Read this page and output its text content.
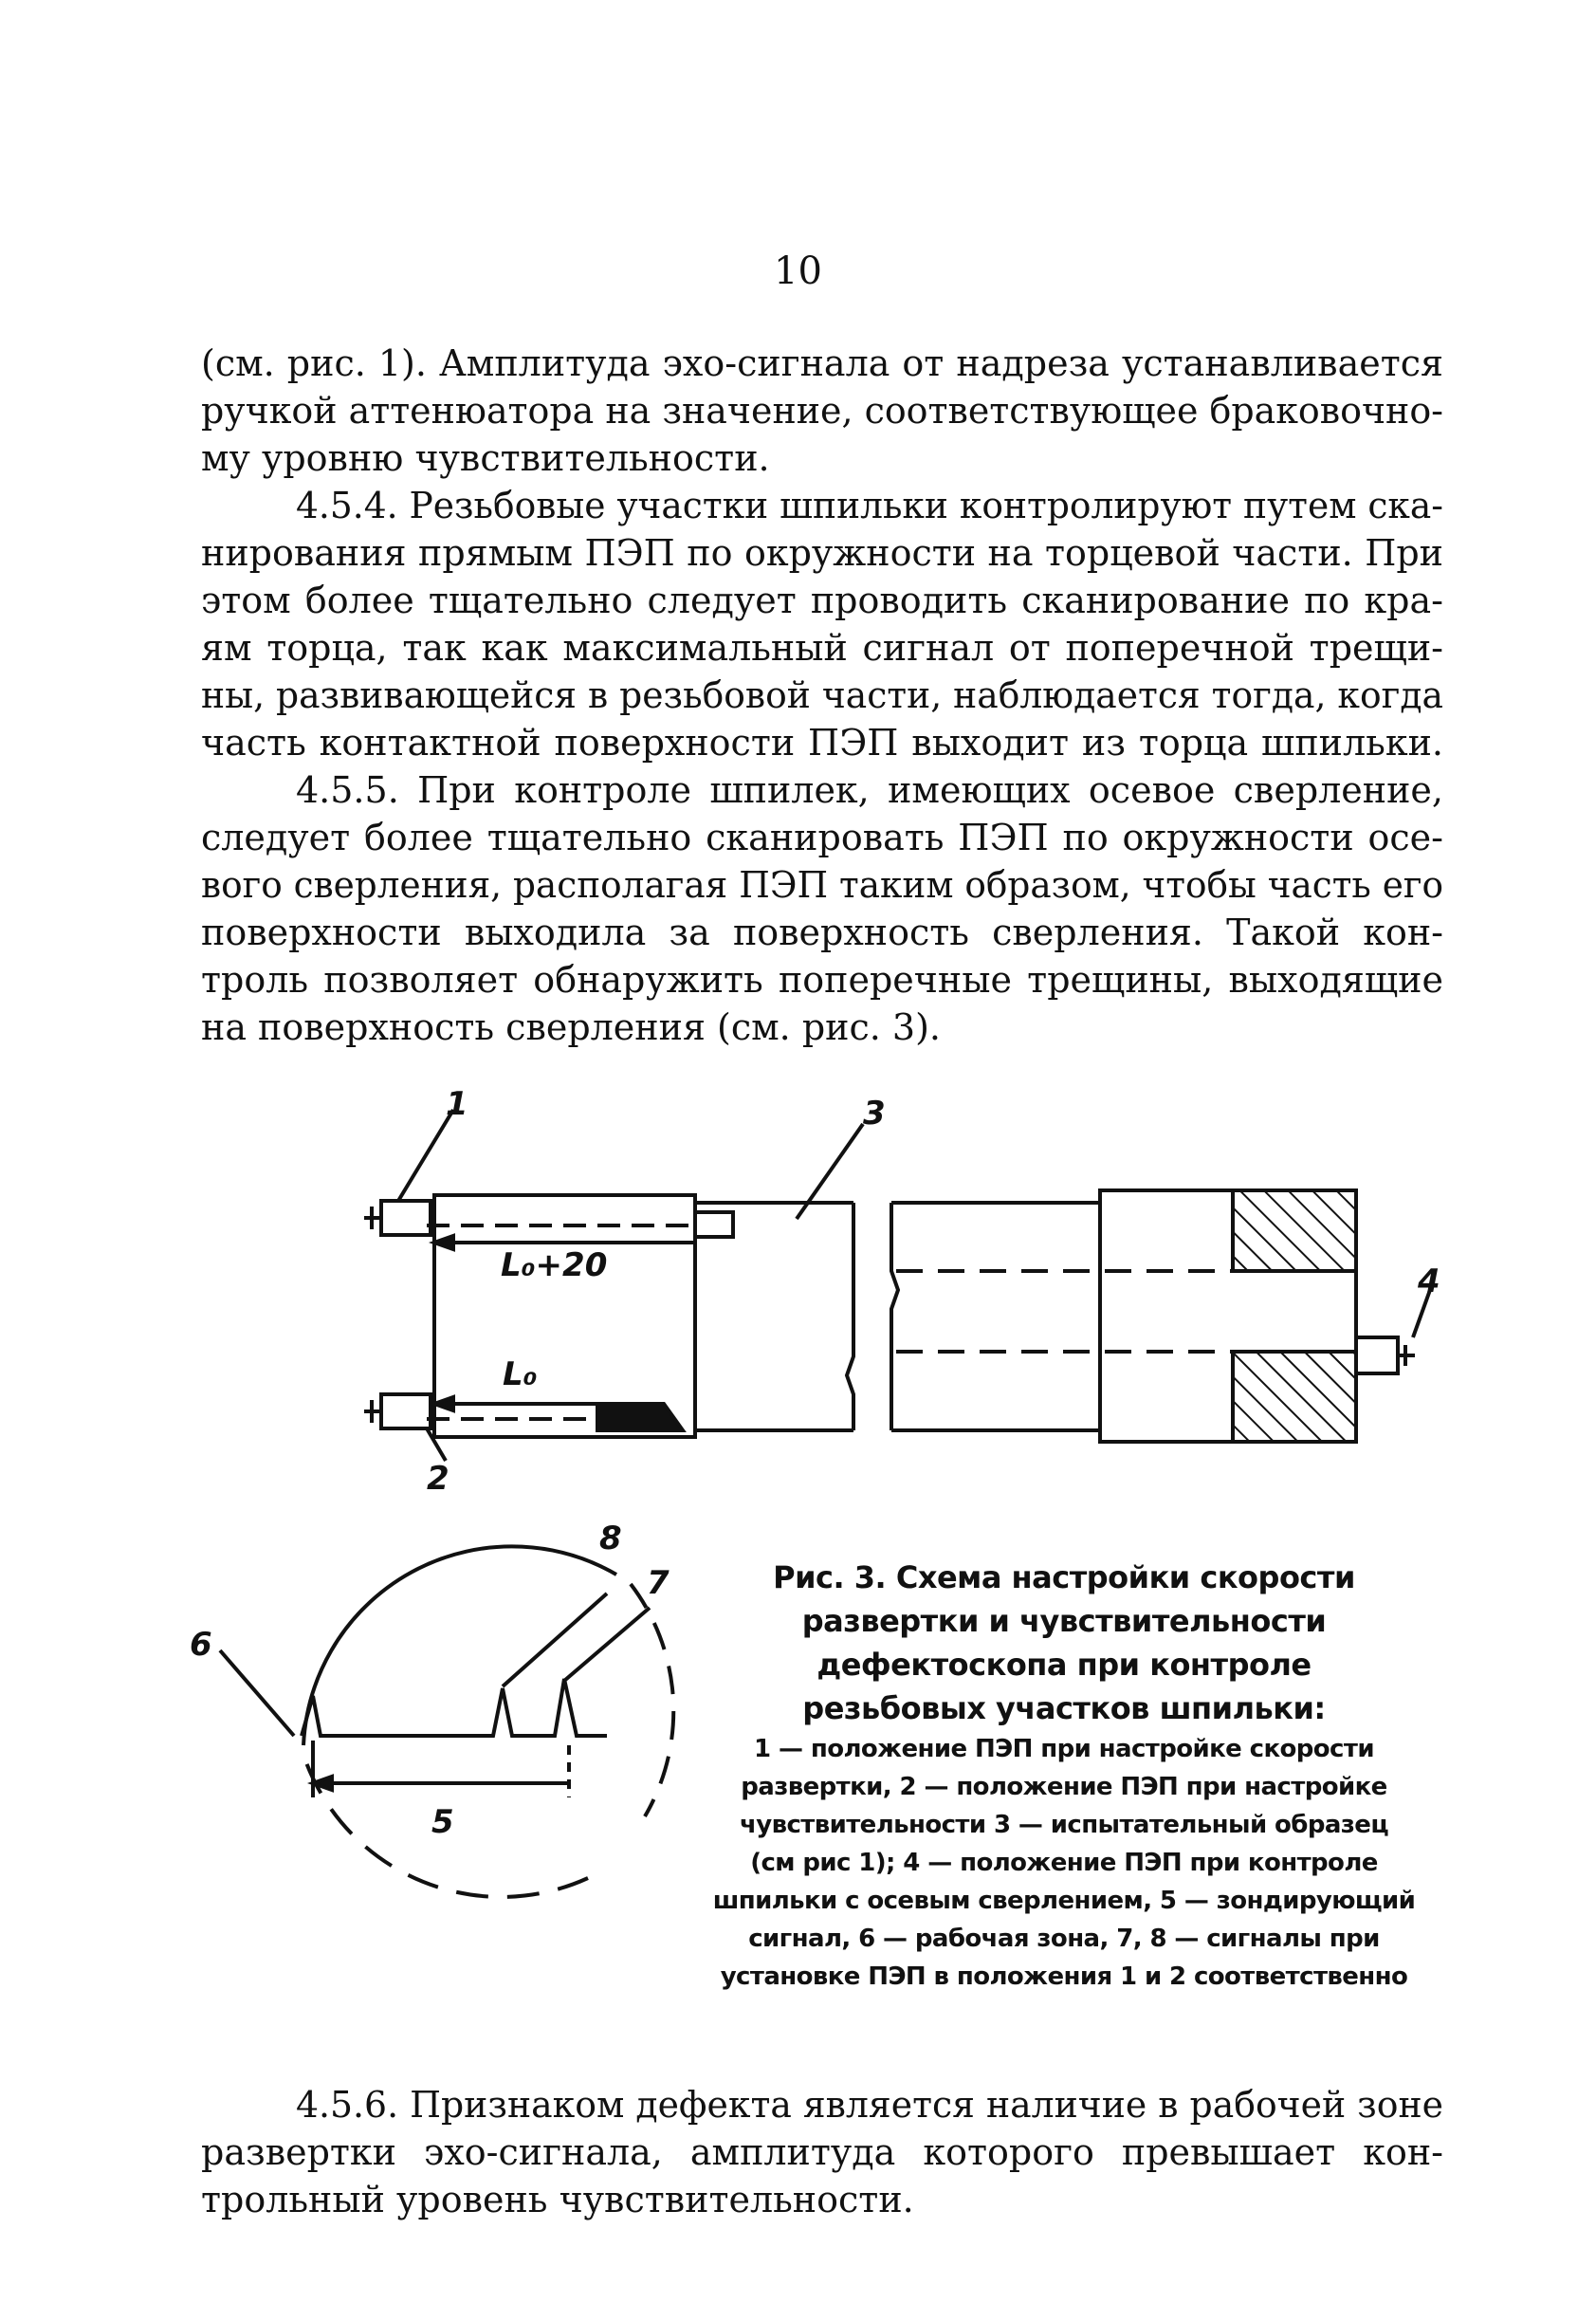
10
(см. рис. 1). Амплитуда эхо-сигнала от надреза устанавливается
ручкой аттенюатора на значение, соответствующее браковочно-
му уровню чувствительности.
4.5.4. Резьбовые участки шпильки контролируют путем ска-
нирования прямым ПЭП по окружности на торцевой части. При
этом более тщательно следует проводить сканирование по кра-
ям торца, так как максимальный сигнал от поперечной трещи-
ны, развивающейся в резьбовой части, наблюдается тогда, когда
часть контактной поверхности ПЭП выходит из торца шпильки.
4.5.5. При контроле шпилек, имеющих осевое сверление,
следует более тщательно сканировать ПЭП по окружности осе-
вого сверления, располагая ПЭП таким образом, чтобы часть его
поверхности выходила за поверхность сверления. Такой кон-
троль позволяет обнаружить поперечные трещины, выходящие
на поверхность сверления (см. рис. 3).
1	3
2
4
L₀+20
L₀
8
7
6
5
Рис. 3. Схема настройки скорости
развертки и чувствительности
дефектоскопа при контроле
резьбовых участков шпильки:
1 — положение ПЭП при настройке скорости
развертки, 2 — положение ПЭП при настройке
чувствительности 3 — испытательный образец
(см рис 1); 4 — положение ПЭП при контроле
шпильки с осевым сверлением, 5 — зондирующий
сигнал, 6 — рабочая зона, 7, 8 — сигналы при
установке ПЭП в положения 1 и 2 соответственно
4.5.6. Признаком дефекта является наличие в рабочей зоне
развертки эхо-сигнала, амплитуда которого превышает кон-
трольный уровень чувствительности.
